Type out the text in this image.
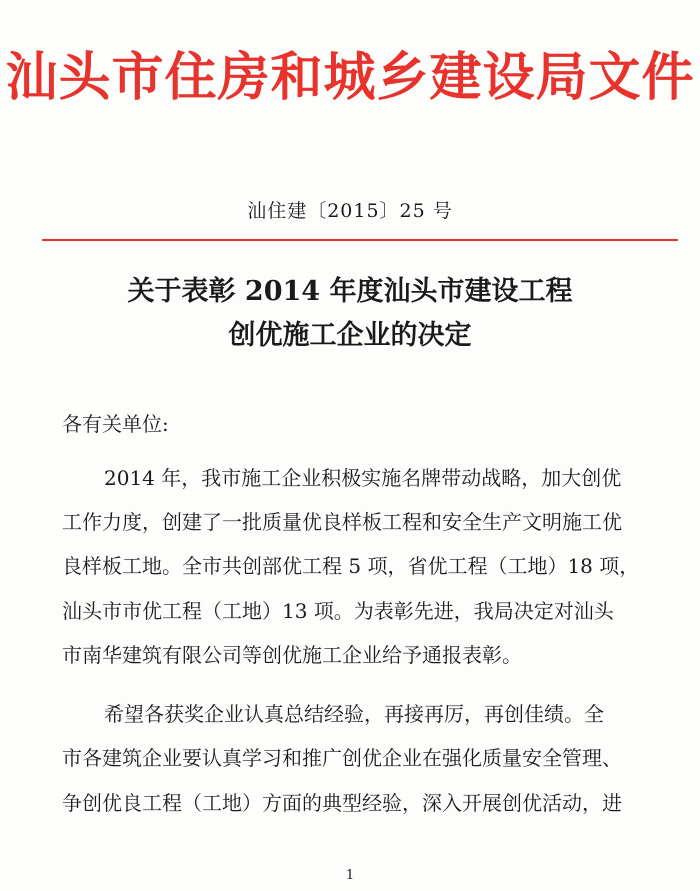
汕头市住房和城乡建设局文件
汕住建〔2015〕25 号
关于表彰 2014 年度汕头市建设工程
创优施工企业的决定
各有关单位:
2014 年，我市施工企业积极实施名牌带动战略，加大创优
工作力度，创建了一批质量优良样板工程和安全生产文明施工优
良样板工地。全市共创部优工程 5 项，省优工程（工地）18 项，
汕头市市优工程（工地）13 项。为表彰先进，我局决定对汕头
市南华建筑有限公司等创优施工企业给予通报表彰。
希望各获奖企业认真总结经验，再接再厉，再创佳绩。全
市各建筑企业要认真学习和推广创优企业在强化质量安全管理、
争创优良工程（工地）方面的典型经验，深入开展创优活动，进
1
